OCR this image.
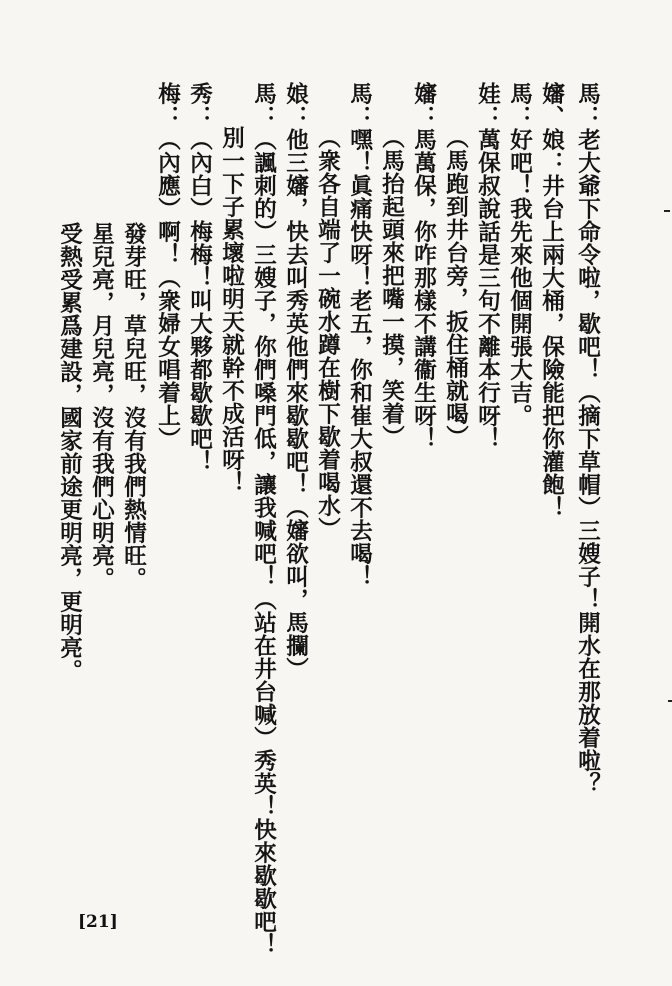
馬：老大爺下命令啦，歇吧！（摘下草帽）三嫂子！開水在那放着啦？
嬸、娘：井台上兩大桶，保險能把你灌飽！
馬：好吧！我先來他個開張大吉。
娃：萬保叔說話是三句不離本行呀！
（馬跑到井台旁，扳住桶就喝）
嬸：馬萬保，你咋那樣不講衞生呀！
（馬抬起頭來把嘴一摸，笑着）
馬：嘿！眞痛快呀！老五，你和崔大叔還不去喝！
（衆各自端了一碗水蹲在樹下歇着喝水）
娘：他三嬸，快去叫秀英他們來歇歇吧！（嬸欲叫，馬攔）
馬：（諷刺的）三嫂子，你們嗓門低，讓我喊吧！（站在井台喊）秀英！快來歇歇吧！
別一下子累壞啦明天就幹不成活呀！
秀：（內白）梅梅！叫大夥都歇歇吧！
梅：（內應）啊！（衆婦女唱着上）
發芽旺，草兒旺，沒有我們熱情旺。
星兒亮，月兒亮，沒有我們心明亮。
受熱受累爲建設，國家前途更明亮，更明亮。
[21]
